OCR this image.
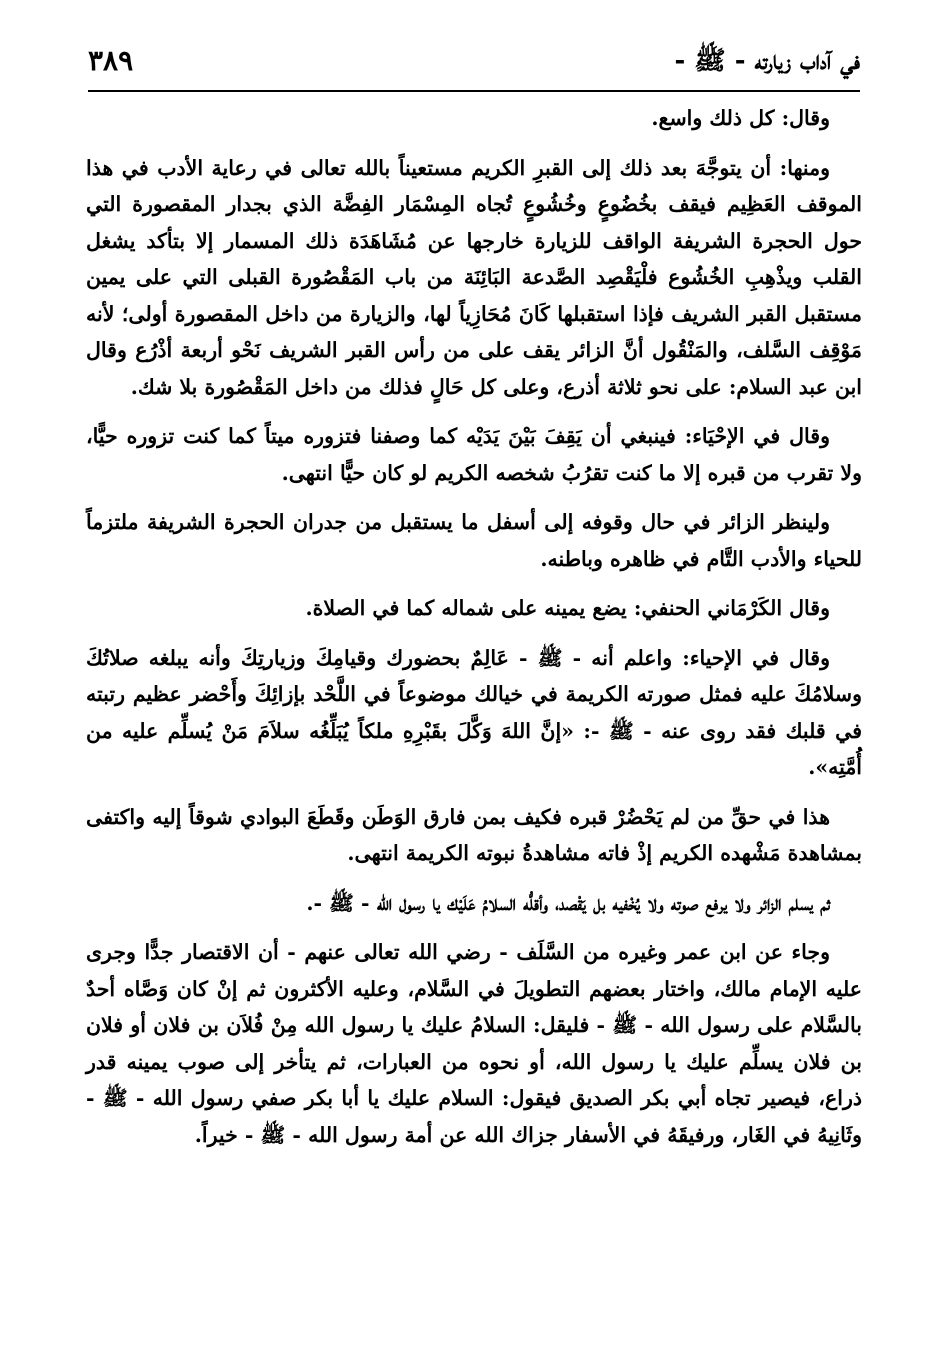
في آداب زيارته - ﷺ -
٣٨٩

وقال: كل ذلك واسع.

ومنها: أن يتوجَّهَ بعد ذلك إلى القبرِ الكريم مستعيناً بالله تعالى في رعاية الأدب في هذا الموقف العَظِيم فيقف بخُضُوعٍ وخُشُوعٍ تُجاه المِسْمَار الفِضَّة الذي بجدار المقصورة التي حول الحجرة الشريفة الواقف للزيارة خارجها عن مُشَاهَدَة ذلك المسمار إلا بتأكد يشغل القلب ويذْهِبِ الخُشُوع فلْيَقْصِد الصَّدعة البَائِنَة من باب المَقْصُورة القبلى التي على يمين مستقبل القبر الشريف فإذا استقبلها كَانَ مُحَازِياً لها، والزيارة من داخل المقصورة أولى؛ لأنه مَوْقِف السَّلف، والمَنْقُول أنَّ الزائر يقف على من رأس القبر الشريف نَحْو أربعة أذْرُع وقال ابن عبد السلام: على نحو ثلاثة أذرع، وعلى كل حَالٍ فذلك من داخل المَقْصُورة بلا شك.

وقال في الإحْيَاء: فينبغي أن يَقِفَ بَيْنَ يَدَيْه كما وصفنا فتزوره ميتاً كما كنت تزوره حيًّا، ولا تقرب من قبره إلا ما كنت تقرُبُ شخصه الكريم لو كان حيًّا انتهى.

ولينظر الزائر في حال وقوفه إلى أسفل ما يستقبل من جدران الحجرة الشريفة ملتزماً للحياء والأدب التَّام في ظاهره وباطنه.

وقال الكَرْمَاني الحنفي: يضع يمينه على شماله كما في الصلاة.

وقال في الإحياء: واعلم أنه - ﷺ - عَالِمٌ بحضورك وقيامِكَ وزيارتِكَ وأنه يبلغه صلاتُكَ وسلامُكَ عليه فمثل صورته الكريمة في خيالك موضوعاً في اللَّحْد بإزائِكَ وأَحْضر عظيم رتبته في قلبك فقد روى عنه - ﷺ -: «إنَّ اللهَ وَكَّلَ بقَبْرِهِ ملكاً يُبَلِّغُه سلاَمَ مَنْ يُسلِّم عليه من أُمَّتِه».

هذا في حقِّ من لم يَحْضُرْ قبره فكيف بمن فارق الوَطَن وقَطَعَ البوادي شوقاً إليه واكتفى بمشاهدة مَشْهده الكريم إذْ فاته مشاهدةُ نبوته الكريمة انتهى.

ثم يسلم الزائر ولا يرفع صوته ولا يُخْفيه بل يَقْصد، وأقلُّه السلامُ عَلَيْك يا رسول الله - ﷺ -.

وجاء عن ابن عمر وغيره من السَّلَف - رضي الله تعالى عنهم - أن الاقتصار جدًّا وجرى عليه الإمام مالك، واختار بعضهم التطويلَ في السَّلام، وعليه الأكثرون ثم إنْ كان وَصَّاه أحدٌ بالسَّلام على رسول الله - ﷺ - فليقل: السلامُ عليك يا رسول الله مِنْ فُلاَن بن فلان أو فلان بن فلان يسلِّم عليك يا رسول الله، أو نحوه من العبارات، ثم يتأخر إلى صوب يمينه قدر ذراع، فيصير تجاه أبي بكر الصديق فيقول: السلام عليك يا أبا بكر صفي رسول الله - ﷺ - وثَانِيهُ في الغَار، ورفيقَهُ في الأسفار جزاك الله عن أمة رسول الله - ﷺ - خيراً.
